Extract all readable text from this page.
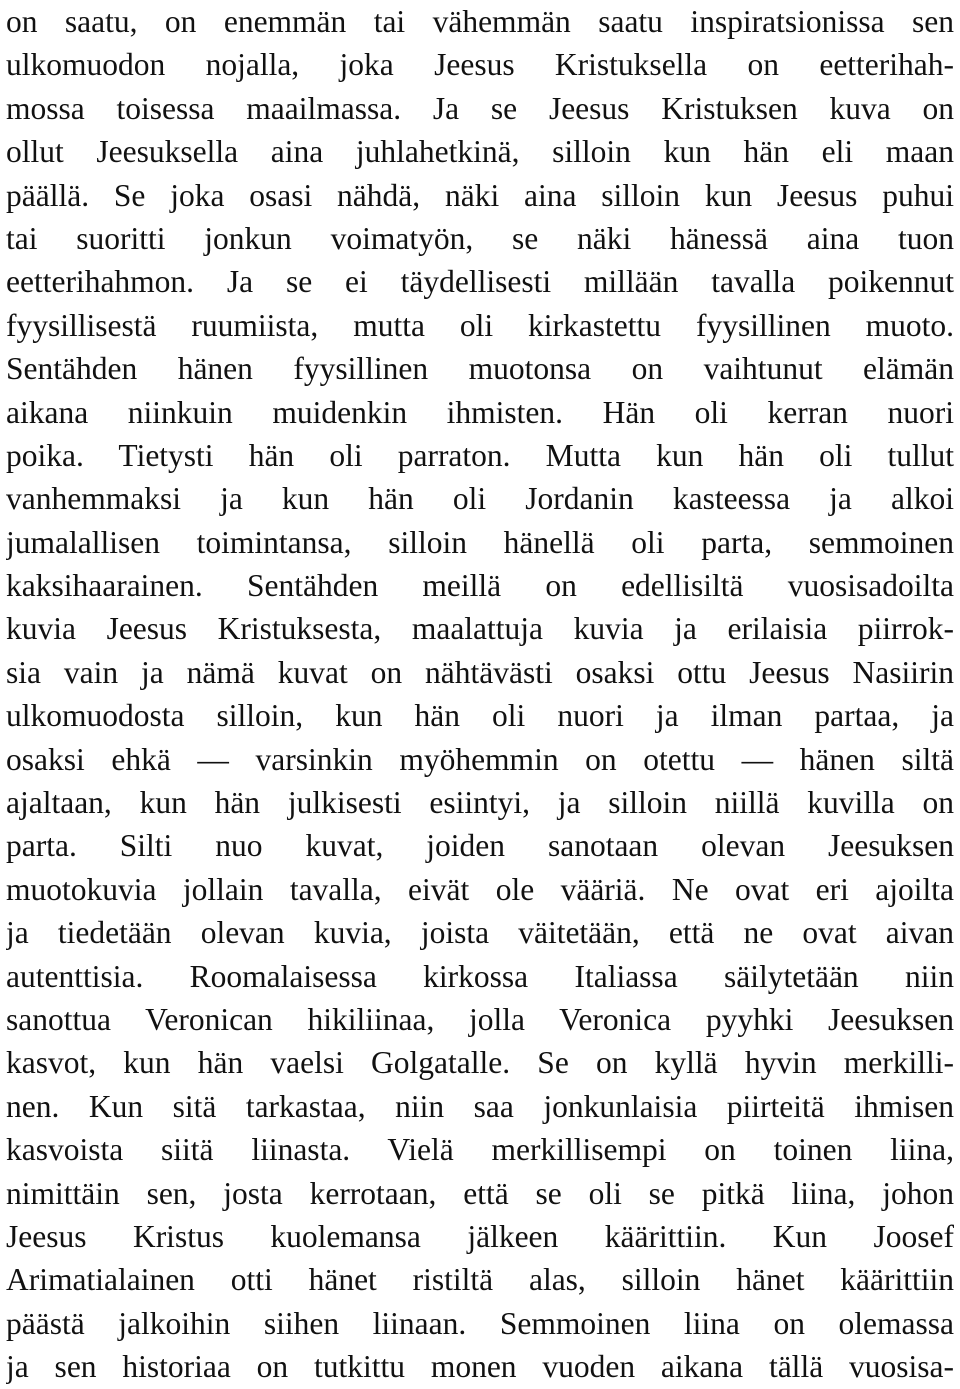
on saatu, on enemmän tai vähemmän saatu inspiratsionissa sen
ulkomuodon nojalla, joka Jeesus Kristuksella on eetterihah-
mossa toisessa maailmassa. Ja se Jeesus Kristuksen kuva on
ollut Jeesuksella aina juhlahetkinä, silloin kun hän eli maan
päällä. Se joka osasi nähdä, näki aina silloin kun Jeesus puhui
tai suoritti jonkun voimatyön, se näki hänessä aina tuon
eetterihahmon. Ja se ei täydellisesti millään tavalla poikennut
fyysillisestä ruumiista, mutta oli kirkastettu fyysillinen muoto.
Sentähden hänen fyysillinen muotonsa on vaihtunut elämän
aikana niinkuin muidenkin ihmisten. Hän oli kerran nuori
poika. Tietysti hän oli parraton. Mutta kun hän oli tullut
vanhemmaksi ja kun hän oli Jordanin kasteessa ja alkoi
jumalallisen toimintansa, silloin hänellä oli parta, semmoinen
kaksihaarainen. Sentähden meillä on edellisiltä vuosisadoilta
kuvia Jeesus Kristuksesta, maalattuja kuvia ja erilaisia piirrok-
sia vain ja nämä kuvat on nähtävästi osaksi ottu Jeesus Nasiirin
ulkomuodosta silloin, kun hän oli nuori ja ilman partaa, ja
osaksi ehkä — varsinkin myöhemmin on otettu — hänen siltä
ajaltaan, kun hän julkisesti esiintyi, ja silloin niillä kuvilla on
parta. Silti nuo kuvat, joiden sanotaan olevan Jeesuksen
muotokuvia jollain tavalla, eivät ole vääriä. Ne ovat eri ajoilta
ja tiedetään olevan kuvia, joista väitetään, että ne ovat aivan
autenttisia. Roomalaisessa kirkossa Italiassa säilytetään niin
sanottua Veronican hikiliinaa, jolla Veronica pyyhki Jeesuksen
kasvot, kun hän vaelsi Golgatalle. Se on kyllä hyvin merkilli-
nen. Kun sitä tarkastaa, niin saa jonkunlaisia piirteitä ihmisen
kasvoista siitä liinasta. Vielä merkillisempi on toinen liina,
nimittäin sen, josta kerrotaan, että se oli se pitkä liina, johon
Jeesus Kristus kuolemansa jälkeen käärittiin. Kun Joosef
Arimatialainen otti hänet ristiltä alas, silloin hänet käärittiin
päästä jalkoihin siihen liinaan. Semmoinen liina on olemassa
ja sen historiaa on tutkittu monen vuoden aikana tällä vuosisa-
